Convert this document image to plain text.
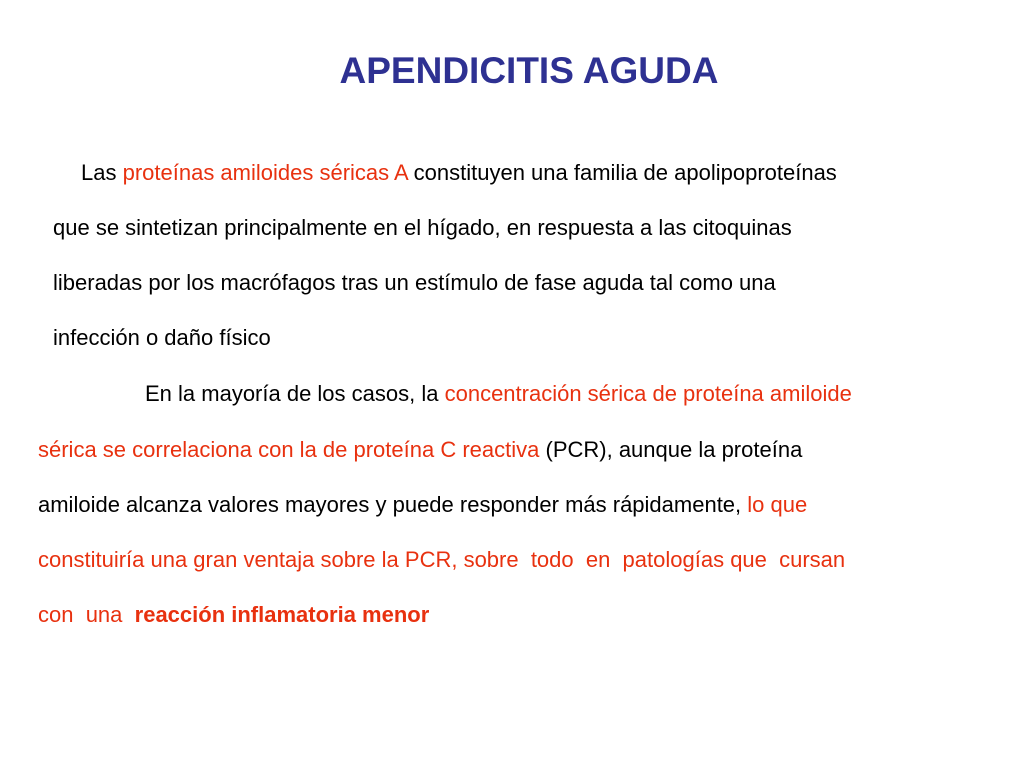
APENDICITIS AGUDA
Las proteínas amiloides séricas A constituyen una familia de apolipoproteínas
que se sintetizan principalmente en el hígado, en respuesta a las citoquinas
liberadas por los macrófagos tras un estímulo de fase aguda tal como una
infección o daño físico
En la mayoría de los casos, la concentración sérica de proteína amiloide
sérica se correlaciona con la de proteína C reactiva (PCR), aunque la proteína
amiloide alcanza valores mayores y puede responder más rápidamente, lo que
constituiría una gran ventaja sobre la PCR, sobre  todo  en  patologías que  cursan
con  una  reacción inflamatoria menor
